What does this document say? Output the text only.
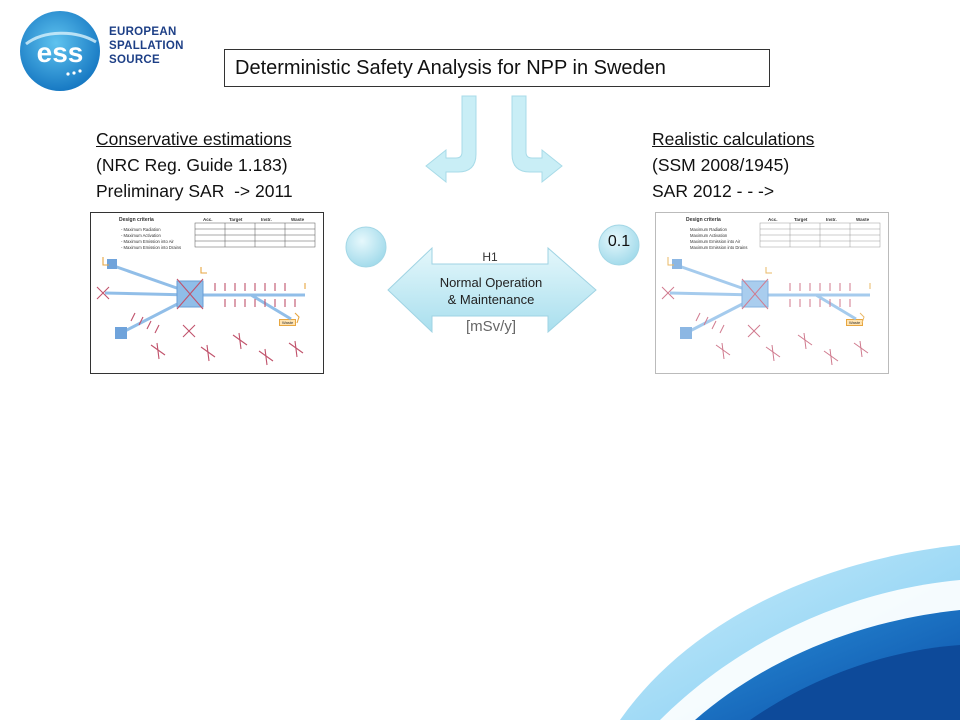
ess
EUROPEAN
SPALLATION
SOURCE	Deterministic Safety Analysis for NPP in Sweden
Conservative estimations
(NRC Reg. Guide 1.183)
Preliminary SAR  -> 2011
Realistic calculations
(SSM 2008/1945)
SAR 2012 - - ->
Design criteria	Acc.	Target	Instr.	Waste
- Maximum Radiation
- Maximum Activation
- Maximum Emission into Air
- Maximum Emission into Drains
Waste
Design criteria	Acc.	Target	Instr.	Waste
Maximum Radiation
Maximum Activation
Maximum Emission into Air
Maximum Emission into Drains
Waste
H1
Normal Operation
& Maintenance
[mSv/y]
0.1
